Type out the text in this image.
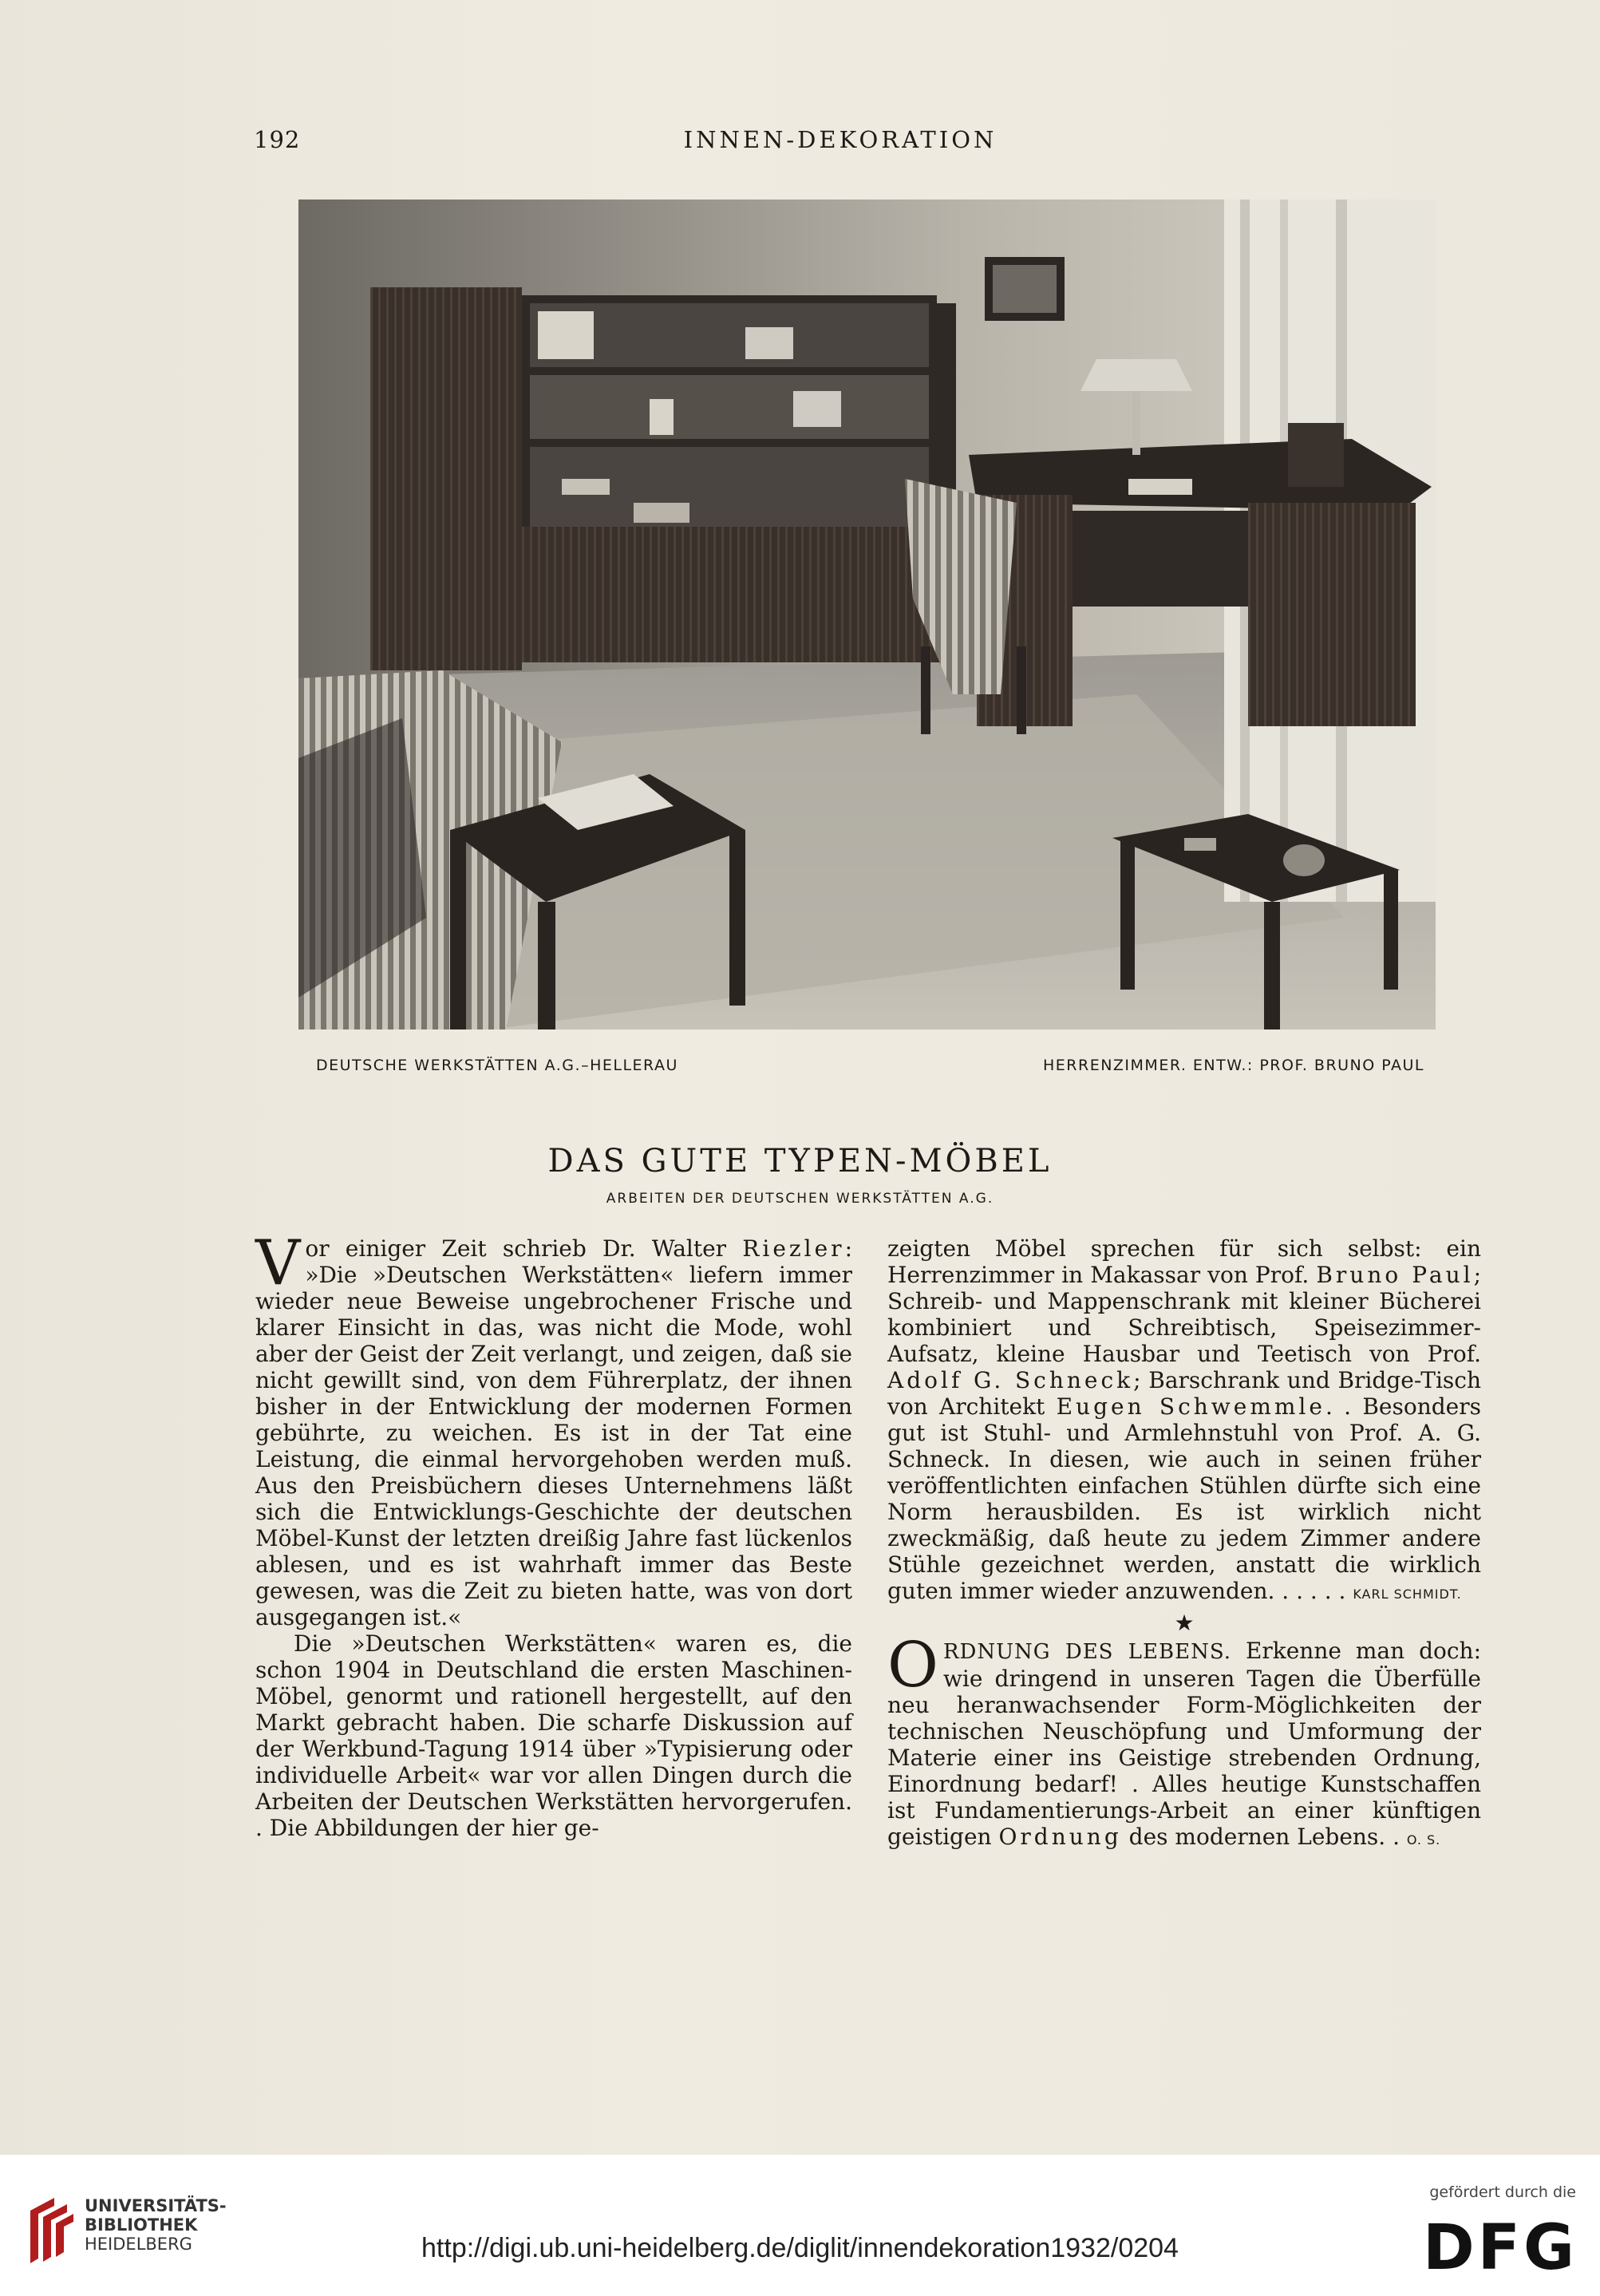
192	INNEN-DEKORATION
DEUTSCHE WERKSTÄTTEN A.G.–HELLERAU	HERRENZIMMER. ENTW.: PROF. BRUNO PAUL
DAS GUTE TYPEN-MÖBEL
ARBEITEN DER DEUTSCHEN WERKSTÄTTEN A.G.

Vor einiger Zeit schrieb Dr. Walter Riezler: »Die »Deutschen Werkstätten« liefern immer wieder neue Beweise ungebrochener Frische und klarer Einsicht in das, was nicht die Mode, wohl aber der Geist der Zeit verlangt, und zeigen, daß sie nicht gewillt sind, von dem Führerplatz, der ihnen bisher in der Entwicklung der modernen Formen gebührte, zu weichen. Es ist in der Tat eine Leistung, die einmal hervorgehoben werden muß. Aus den Preisbüchern dieses Unternehmens läßt sich die Entwicklungs-Geschichte der deutschen Möbel-Kunst der letzten dreißig Jahre fast lückenlos ablesen, und es ist wahrhaft immer das Beste gewesen, was die Zeit zu bieten hatte, was von dort ausgegangen ist.«

Die »Deutschen Werkstätten« waren es, die schon 1904 in Deutschland die ersten Maschinen-Möbel, genormt und rationell hergestellt, auf den Markt gebracht haben. Die scharfe Diskussion auf der Werkbund-Tagung 1914 über »Typisierung oder individuelle Arbeit« war vor allen Dingen durch die Arbeiten der Deutschen Werkstätten hervorgerufen. . Die Abbildungen der hier ge-

zeigten Möbel sprechen für sich selbst: ein Herrenzimmer in Makassar von Prof. Bruno Paul; Schreib- und Mappenschrank mit kleiner Bücherei kombiniert und Schreibtisch, Speisezimmer-Aufsatz, kleine Hausbar und Teetisch von Prof. Adolf G. Schneck; Barschrank und Bridge-Tisch von Architekt Eugen Schwemmle. . Besonders gut ist Stuhl- und Armlehnstuhl von Prof. A. G. Schneck. In diesen, wie auch in seinen früher veröffentlichten einfachen Stühlen dürfte sich eine Norm herausbilden. Es ist wirklich nicht zweckmäßig, daß heute zu jedem Zimmer andere Stühle gezeichnet werden, anstatt die wirklich guten immer wieder anzuwenden. . . . . . KARL SCHMIDT.

★

ORDNUNG DES LEBENS. Erkenne man doch: wie dringend in unseren Tagen die Überfülle neu heranwachsender Form-Möglichkeiten der technischen Neuschöpfung und Umformung der Materie einer ins Geistige strebenden Ordnung, Einordnung bedarf! . Alles heutige Kunstschaffen ist Fundamentierungs-Arbeit an einer künftigen geistigen Ordnung des modernen Lebens. . O. S.

UNIVERSITÄTS-
BIBLIOTHEK
HEIDELBERG	http://digi.ub.uni-heidelberg.de/diglit/innendekoration1932/0204
gefördert durch die
DFG
